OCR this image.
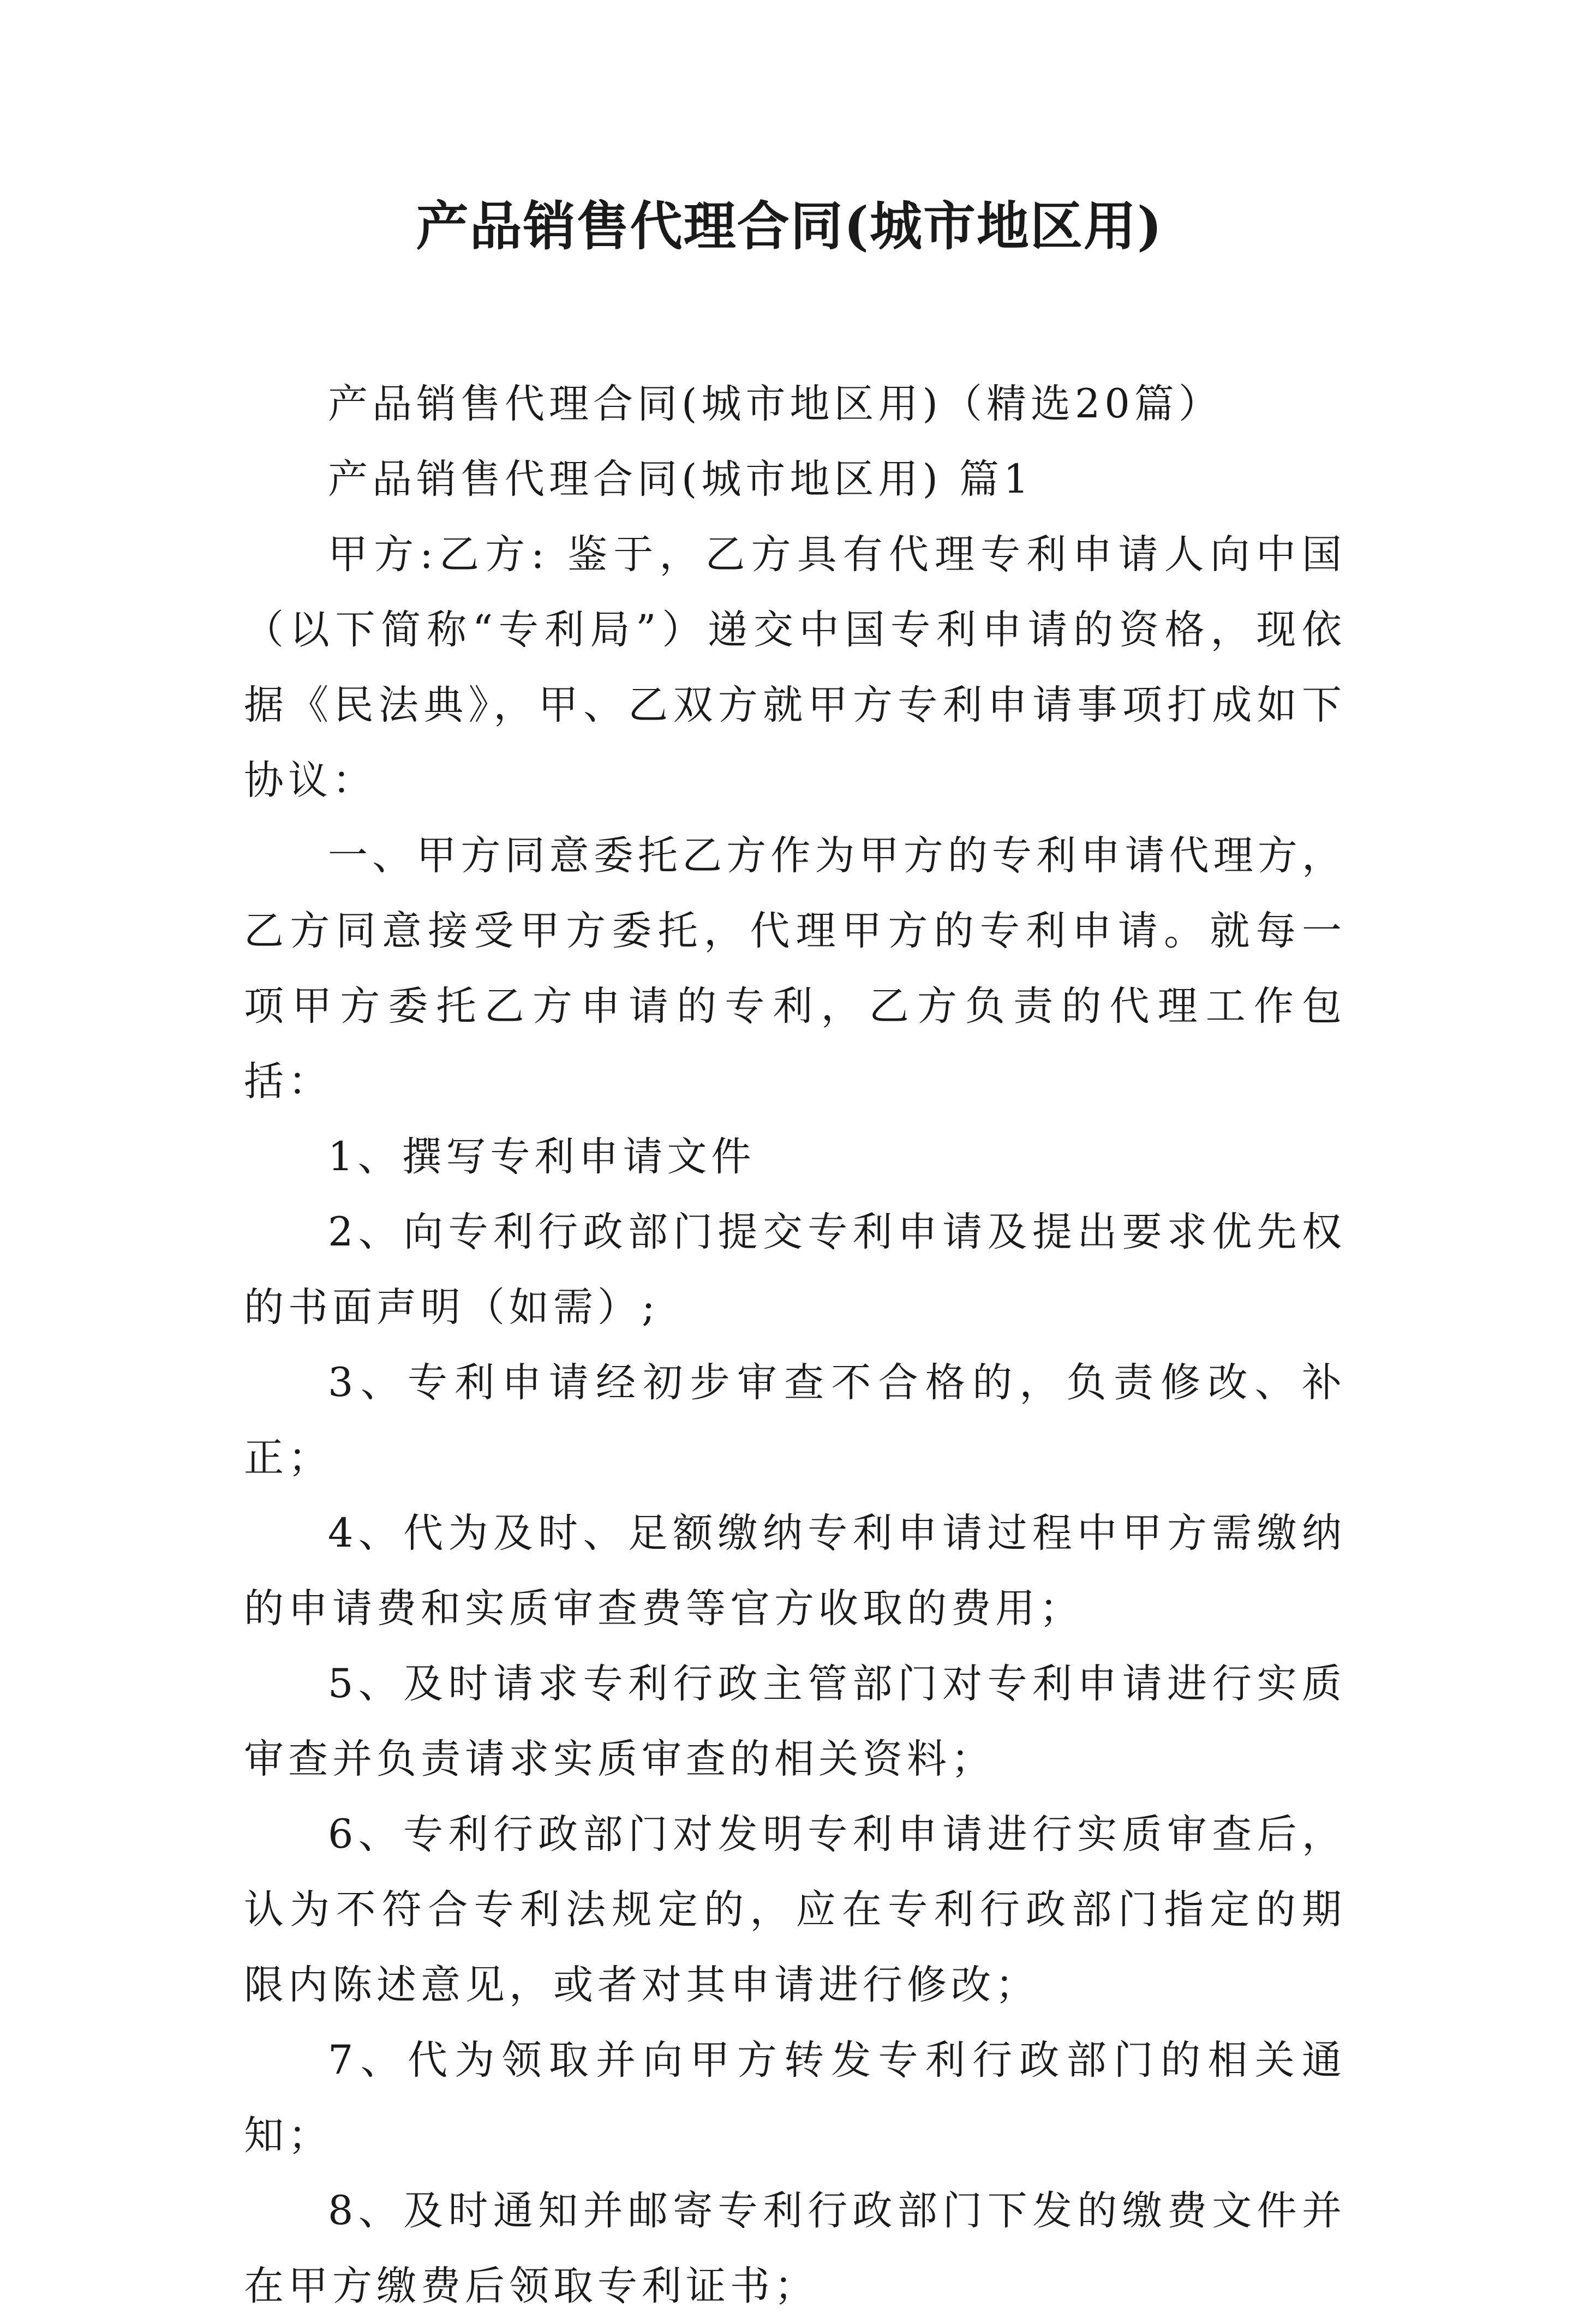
产品销售代理合同(城市地区用)

产品销售代理合同(城市地区用)（精选20篇）

产品销售代理合同(城市地区用) 篇1

甲方:乙方: 鉴于，乙方具有代理专利申请人向中国（以下简称“专利局”）递交中国专利申请的资格，现依据《民法典》，甲、乙双方就甲方专利申请事项打成如下协议：

一、甲方同意委托乙方作为甲方的专利申请代理方，乙方同意接受甲方委托，代理甲方的专利申请。就每一项甲方委托乙方申请的专利，乙方负责的代理工作包括：

1、撰写专利申请文件

2、向专利行政部门提交专利申请及提出要求优先权的书面声明（如需）;

3、专利申请经初步审查不合格的，负责修改、补正；

4、代为及时、足额缴纳专利申请过程中甲方需缴纳的申请费和实质审查费等官方收取的费用；

5、及时请求专利行政主管部门对专利申请进行实质审查并负责请求实质审查的相关资料；

6、专利行政部门对发明专利申请进行实质审查后，认为不符合专利法规定的，应在专利行政部门指定的期限内陈述意见，或者对其申请进行修改；

7、代为领取并向甲方转发专利行政部门的相关通知；

8、及时通知并邮寄专利行政部门下发的缴费文件并在甲方缴费后领取专利证书；
